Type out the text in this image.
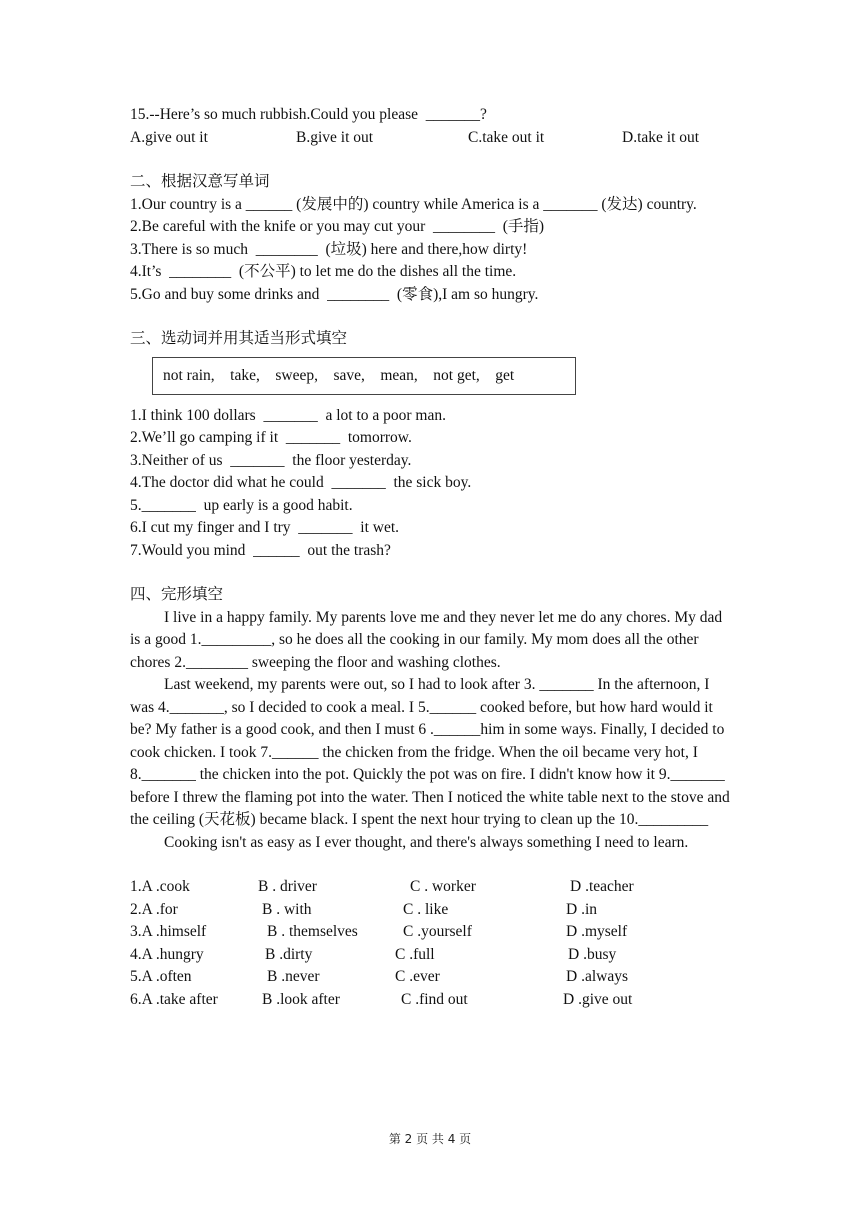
15.--Here’s so much rubbish.Could you please  _______?
A.give out it	B.give it out	C.take out it	D.take it out
二、根据汉意写单词
1.Our country is a ______ (发展中的) country while America is a _______ (发达) country.
2.Be careful with the knife or you may cut your  ________  (手指)
3.There is so much  ________  (垃圾) here and there,how dirty!
4.It’s  ________  (不公平) to let me do the dishes all the time.
5.Go and buy some drinks and  ________  (零食),I am so hungry.
三、选动词并用其适当形式填空
not rain,    take,    sweep,    save,    mean,    not get,    get
1.I think 100 dollars  _______  a lot to a poor man.
2.We’ll go camping if it  _______  tomorrow.
3.Neither of us  _______  the floor yesterday.
4.The doctor did what he could  _______  the sick boy.
5._______  up early is a good habit.
6.I cut my finger and I try  _______  it wet.
7.Would you mind  ______  out the trash?
四、完形填空
I live in a happy family. My parents love me and they never let me do any chores. My dad is a good 1._________, so he does all the cooking in our family. My mom does all the other chores 2.________ sweeping the floor and washing clothes.
Last weekend, my parents were out, so I had to look after 3. _______ In the afternoon, I was 4._______, so I decided to cook a meal. I 5.______ cooked before, but how hard would it be? My father is a good cook, and then I must 6 .______him in some ways. Finally, I decided to cook chicken. I took 7.______ the chicken from the fridge. When the oil became very hot, I 8._______ the chicken into the pot. Quickly the pot was on fire. I didn't know how it 9._______ before I threw the flaming pot into the water. Then I noticed the white table next to the stove and the ceiling (天花板) became black. I spent the next hour trying to clean up the 10._________
Cooking isn't as easy as I ever thought, and there's always something I need to learn.
1.A .cook	B . driver	C . worker	D .teacher
2.A .for	B . with	C . like	D .in
3.A .himself	B . themselves	C .yourself	D .myself
4.A .hungry	B .dirty	C .full	D .busy
5.A .often	B .never	C .ever	D .always
6.A .take after	B .look after	C .find out	D .give out
第 2 页 共 4 页
